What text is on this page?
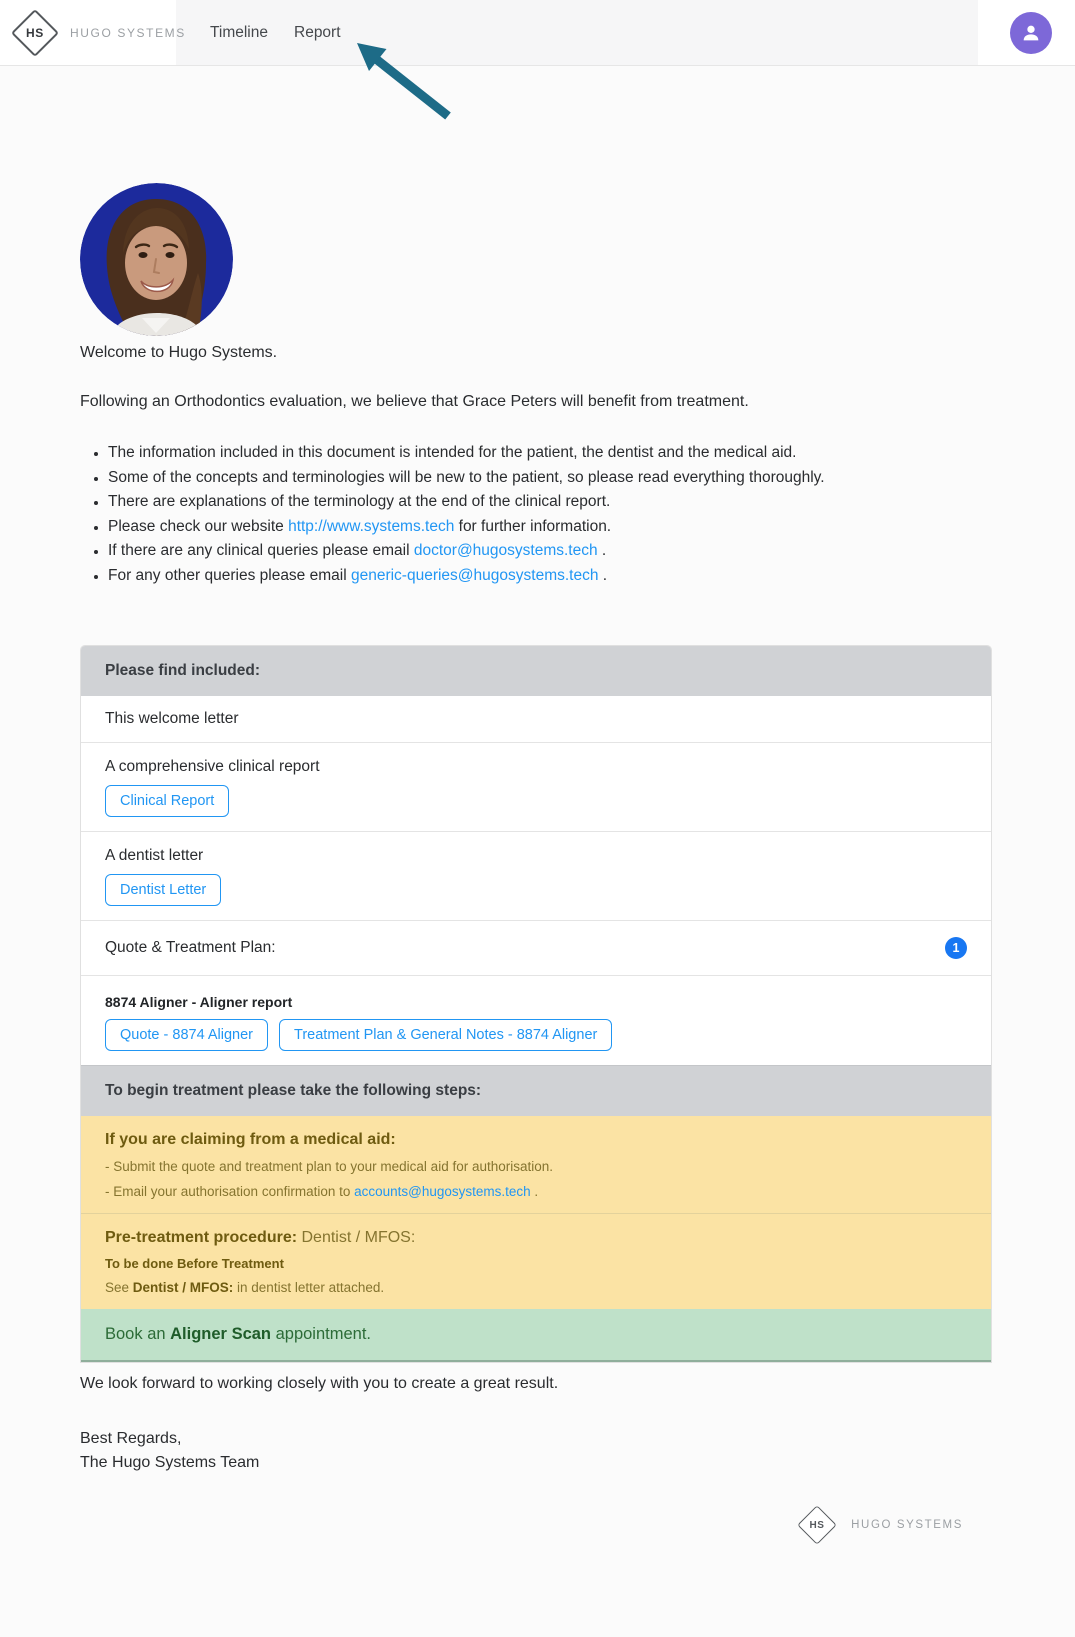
HS HUGO SYSTEMS Timeline Report

Welcome to Hugo Systems.

Following an Orthodontics evaluation, we believe that Grace Peters will benefit from treatment.

• The information included in this document is intended for the patient, the dentist and the medical aid.
• Some of the concepts and terminologies will be new to the patient, so please read everything thoroughly.
• There are explanations of the terminology at the end of the clinical report.
• Please check our website http://www.systems.tech for further information.
• If there are any clinical queries please email doctor@hugosystems.tech .
• For any other queries please email generic-queries@hugosystems.tech .
Please find included:
This welcome letter
A comprehensive clinical report
Clinical Report
A dentist letter
Dentist Letter
Quote & Treatment Plan:	1
8874 Aligner - Aligner report
Quote - 8874 Aligner	Treatment Plan & General Notes - 8874 Aligner
To begin treatment please take the following steps:
If you are claiming from a medical aid:
- Submit the quote and treatment plan to your medical aid for authorisation.
- Email your authorisation confirmation to accounts@hugosystems.tech .
Pre-treatment procedure: Dentist / MFOS:
To be done Before Treatment
See Dentist / MFOS: in dentist letter attached.
Book an Aligner Scan appointment.

We look forward to working closely with you to create a great result.

Best Regards,
The Hugo Systems Team

HS HUGO SYSTEMS
